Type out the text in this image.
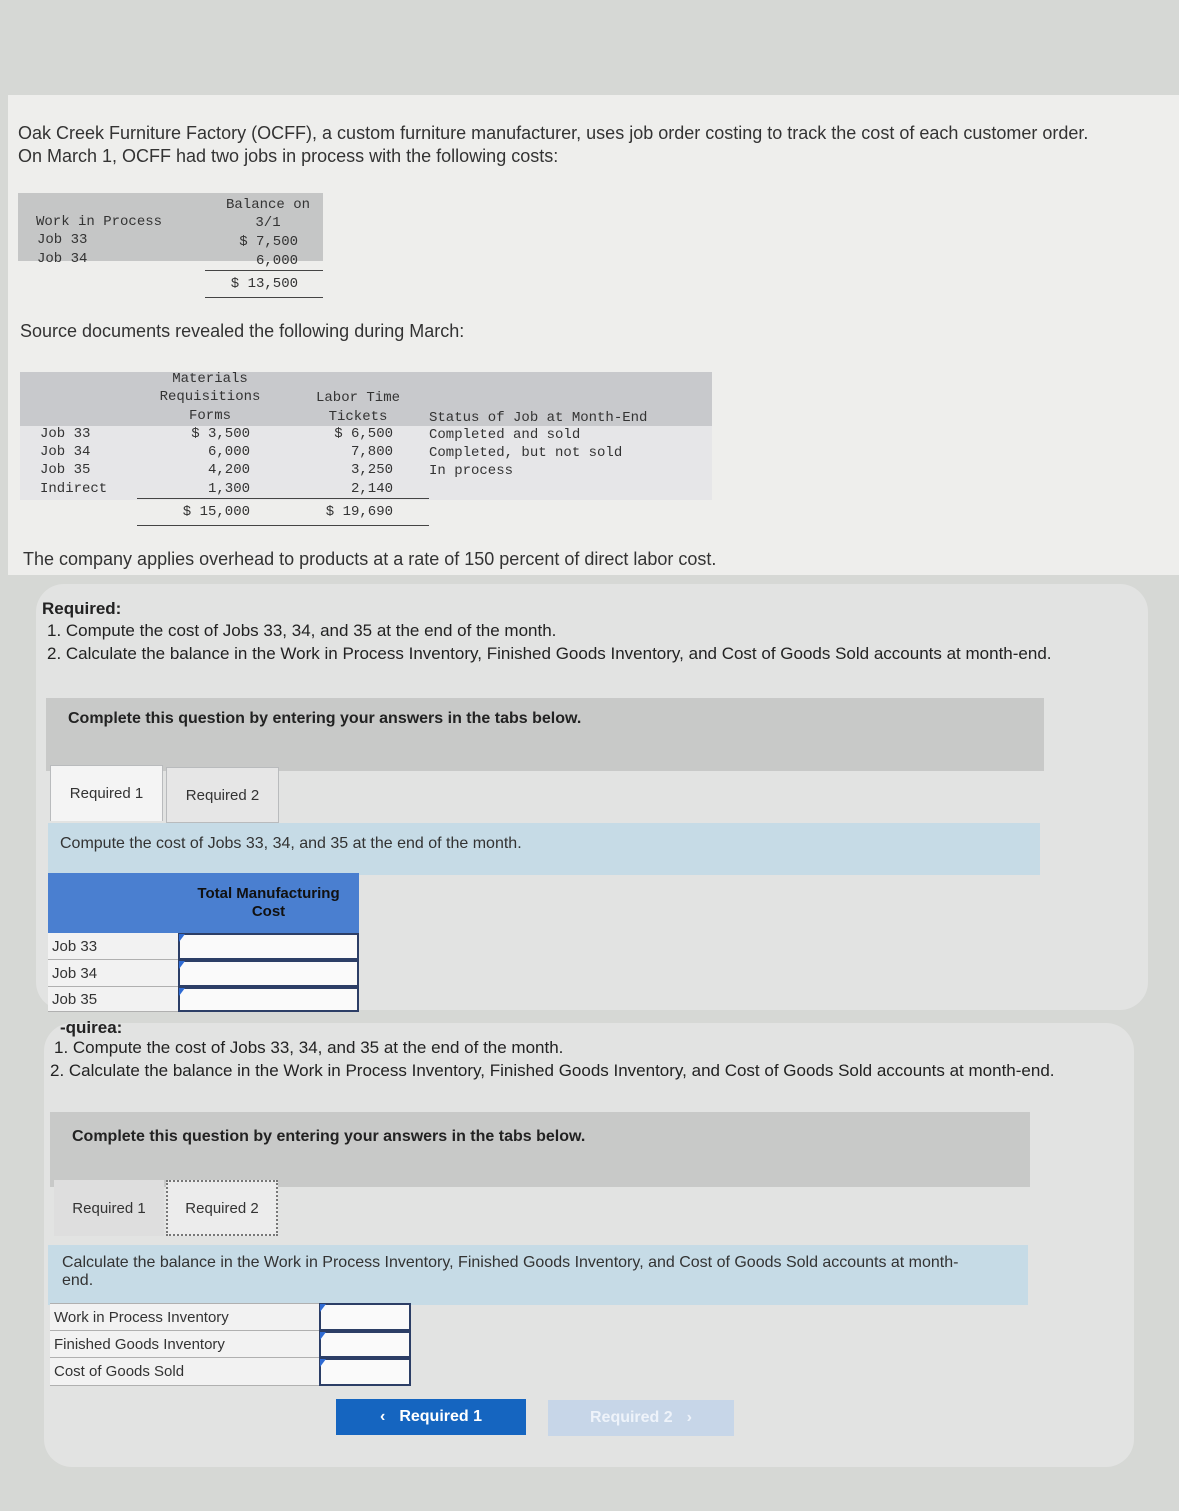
Oak Creek Furniture Factory (OCFF), a custom furniture manufacturer, uses job order costing to track the cost of each customer order.
On March 1, OCFF had two jobs in process with the following costs:
Balance on
Work in Process	3/1
Job 33	$ 7,500
Job 34	6,000
$ 13,500
Source documents revealed the following during March:
Materials
Requisitions
Forms
Labor Time
Tickets	Status of Job at Month-End
Job 33	$ 3,500	$ 6,500	Completed and sold
Job 34	6,000	7,800	Completed, but not sold
Job 35	4,200	3,250	In process
Indirect	1,300	2,140
$ 15,000	$ 19,690
The company applies overhead to products at a rate of 150 percent of direct labor cost.
Required:
1. Compute the cost of Jobs 33, 34, and 35 at the end of the month.
2. Calculate the balance in the Work in Process Inventory, Finished Goods Inventory, and Cost of Goods Sold accounts at month-end.
Complete this question by entering your answers in the tabs below.
Required 1	Required 2
Compute the cost of Jobs 33, 34, and 35 at the end of the month.
Total Manufacturing
Cost
Job 33
Job 34
Job 35
-quirea:
1. Compute the cost of Jobs 33, 34, and 35 at the end of the month.
2. Calculate the balance in the Work in Process Inventory, Finished Goods Inventory, and Cost of Goods Sold accounts at month-end.
Complete this question by entering your answers in the tabs below.
Required 1	Required 2
Calculate the balance in the Work in Process Inventory, Finished Goods Inventory, and Cost of Goods Sold accounts at month-
end.
Work in Process Inventory
Finished Goods Inventory
Cost of Goods Sold
‹ Required 1	Required 2 ›
